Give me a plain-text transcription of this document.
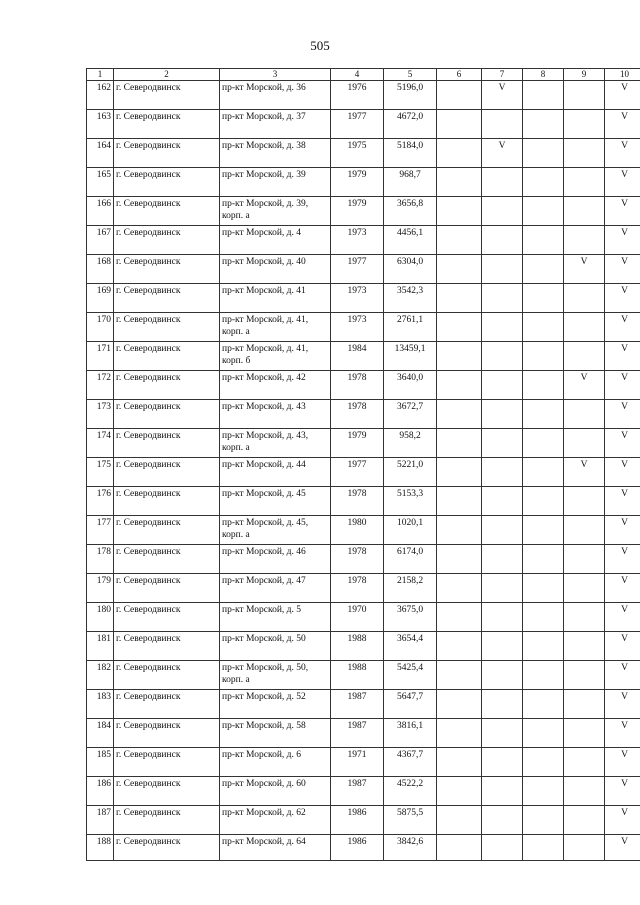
505
1	2	3	4	5	6	7	8	9	10
162	г. Северодвинск	пр-кт Морской, д. 36	1976	5196,0		V			V
163	г. Северодвинск	пр-кт Морской, д. 37	1977	4672,0					V
164	г. Северодвинск	пр-кт Морской, д. 38	1975	5184,0		V			V
165	г. Северодвинск	пр-кт Морской, д. 39	1979	968,7					V
166	г. Северодвинск	пр-кт Морской, д. 39, корп. а	1979	3656,8					V
167	г. Северодвинск	пр-кт Морской, д. 4	1973	4456,1					V
168	г. Северодвинск	пр-кт Морской, д. 40	1977	6304,0				V	V
169	г. Северодвинск	пр-кт Морской, д. 41	1973	3542,3					V
170	г. Северодвинск	пр-кт Морской, д. 41, корп. а	1973	2761,1					V
171	г. Северодвинск	пр-кт Морской, д. 41, корп. б	1984	13459,1					V
172	г. Северодвинск	пр-кт Морской, д. 42	1978	3640,0				V	V
173	г. Северодвинск	пр-кт Морской, д. 43	1978	3672,7					V
174	г. Северодвинск	пр-кт Морской, д. 43, корп. а	1979	958,2					V
175	г. Северодвинск	пр-кт Морской, д. 44	1977	5221,0				V	V
176	г. Северодвинск	пр-кт Морской, д. 45	1978	5153,3					V
177	г. Северодвинск	пр-кт Морской, д. 45, корп. а	1980	1020,1					V
178	г. Северодвинск	пр-кт Морской, д. 46	1978	6174,0					V
179	г. Северодвинск	пр-кт Морской, д. 47	1978	2158,2					V
180	г. Северодвинск	пр-кт Морской, д. 5	1970	3675,0					V
181	г. Северодвинск	пр-кт Морской, д. 50	1988	3654,4					V
182	г. Северодвинск	пр-кт Морской, д. 50, корп. а	1988	5425,4					V
183	г. Северодвинск	пр-кт Морской, д. 52	1987	5647,7					V
184	г. Северодвинск	пр-кт Морской, д. 58	1987	3816,1					V
185	г. Северодвинск	пр-кт Морской, д. 6	1971	4367,7					V
186	г. Северодвинск	пр-кт Морской, д. 60	1987	4522,2					V
187	г. Северодвинск	пр-кт Морской, д. 62	1986	5875,5					V
188	г. Северодвинск	пр-кт Морской, д. 64	1986	3842,6					V
